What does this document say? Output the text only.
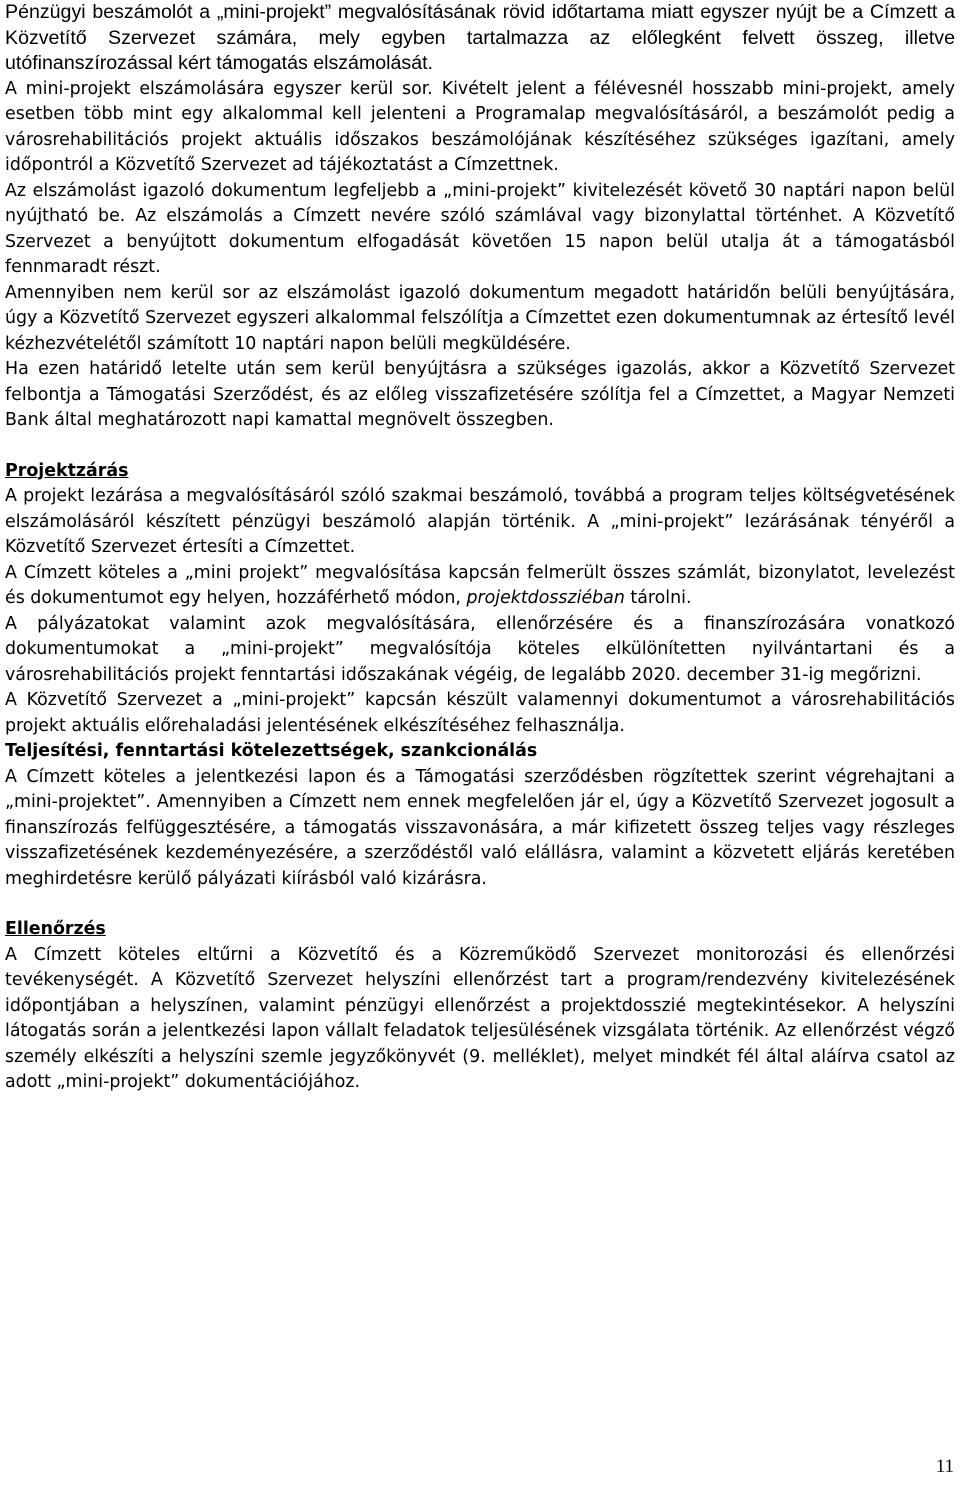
Pénzügyi beszámolót a „mini-projekt” megvalósításának rövid időtartama miatt egyszer nyújt be a Címzett a Közvetítő Szervezet számára, mely egyben tartalmazza az előlegként felvett összeg, illetve utófinanszírozással kért támogatás elszámolását.

A mini-projekt elszámolására egyszer kerül sor. Kivételt jelent a félévesnél hosszabb mini-projekt, amely esetben több mint egy alkalommal kell jelenteni a Programalap megvalósításáról, a beszámolót pedig a városrehabilitációs projekt aktuális időszakos beszámolójának készítéséhez szükséges igazítani, amely időpontról a Közvetítő Szervezet ad tájékoztatást a Címzettnek.

Az elszámolást igazoló dokumentum legfeljebb a „mini-projekt” kivitelezését követő 30 naptári napon belül nyújtható be. Az elszámolás a Címzett nevére szóló számlával vagy bizonylattal történhet. A Közvetítő Szervezet a benyújtott dokumentum elfogadását követően 15 napon belül utalja át a támogatásból fennmaradt részt.

Amennyiben nem kerül sor az elszámolást igazoló dokumentum megadott határidőn belüli benyújtására, úgy a Közvetítő Szervezet egyszeri alkalommal felszólítja a Címzettet ezen dokumentumnak az értesítő levél kézhezvételétől számított 10 naptári napon belüli megküldésére.

Ha ezen határidő letelte után sem kerül benyújtásra a szükséges igazolás, akkor a Közvetítő Szervezet felbontja a Támogatási Szerződést, és az előleg visszafizetésére szólítja fel a Címzettet, a Magyar Nemzeti Bank által meghatározott napi kamattal megnövelt összegben.

Projektzárás

A projekt lezárása a megvalósításáról szóló szakmai beszámoló, továbbá a program teljes költségvetésének elszámolásáról készített pénzügyi beszámoló alapján történik. A „mini-projekt” lezárásának tényéről a Közvetítő Szervezet értesíti a Címzettet.

A Címzett köteles a „mini projekt” megvalósítása kapcsán felmerült összes számlát, bizonylatot, levelezést és dokumentumot egy helyen, hozzáférhető módon, projektdossziéban tárolni.

A pályázatokat valamint azok megvalósítására, ellenőrzésére és a finanszírozására vonatkozó dokumentumokat a „mini-projekt” megvalósítója köteles elkülönítetten nyilvántartani és a városrehabilitációs projekt fenntartási időszakának végéig, de legalább 2020. december 31-ig megőrizni.

A Közvetítő Szervezet a „mini-projekt” kapcsán készült valamennyi dokumentumot a városrehabilitációs projekt aktuális előrehaladási jelentésének elkészítéséhez felhasználja.

Teljesítési, fenntartási kötelezettségek, szankcionálás

A Címzett köteles a jelentkezési lapon és a Támogatási szerződésben rögzítettek szerint végrehajtani a „mini-projektet”. Amennyiben a Címzett nem ennek megfelelően jár el, úgy a Közvetítő Szervezet jogosult a finanszírozás felfüggesztésére, a támogatás visszavonására, a már kifizetett összeg teljes vagy részleges visszafizetésének kezdeményezésére, a szerződéstől való elállásra, valamint a közvetett eljárás keretében meghirdetésre kerülő pályázati kiírásból való kizárásra.

Ellenőrzés

A Címzett köteles eltűrni a Közvetítő és a Közreműködő Szervezet monitorozási és ellenőrzési tevékenységét. A Közvetítő Szervezet helyszíni ellenőrzést tart a program/rendezvény kivitelezésének időpontjában a helyszínen, valamint pénzügyi ellenőrzést a projektdosszié megtekintésekor. A helyszíni látogatás során a jelentkezési lapon vállalt feladatok teljesülésének vizsgálata történik. Az ellenőrzést végző személy elkészíti a helyszíni szemle jegyzőkönyvét (9. melléklet), melyet mindkét fél által aláírva csatol az adott „mini-projekt” dokumentációjához.

11
